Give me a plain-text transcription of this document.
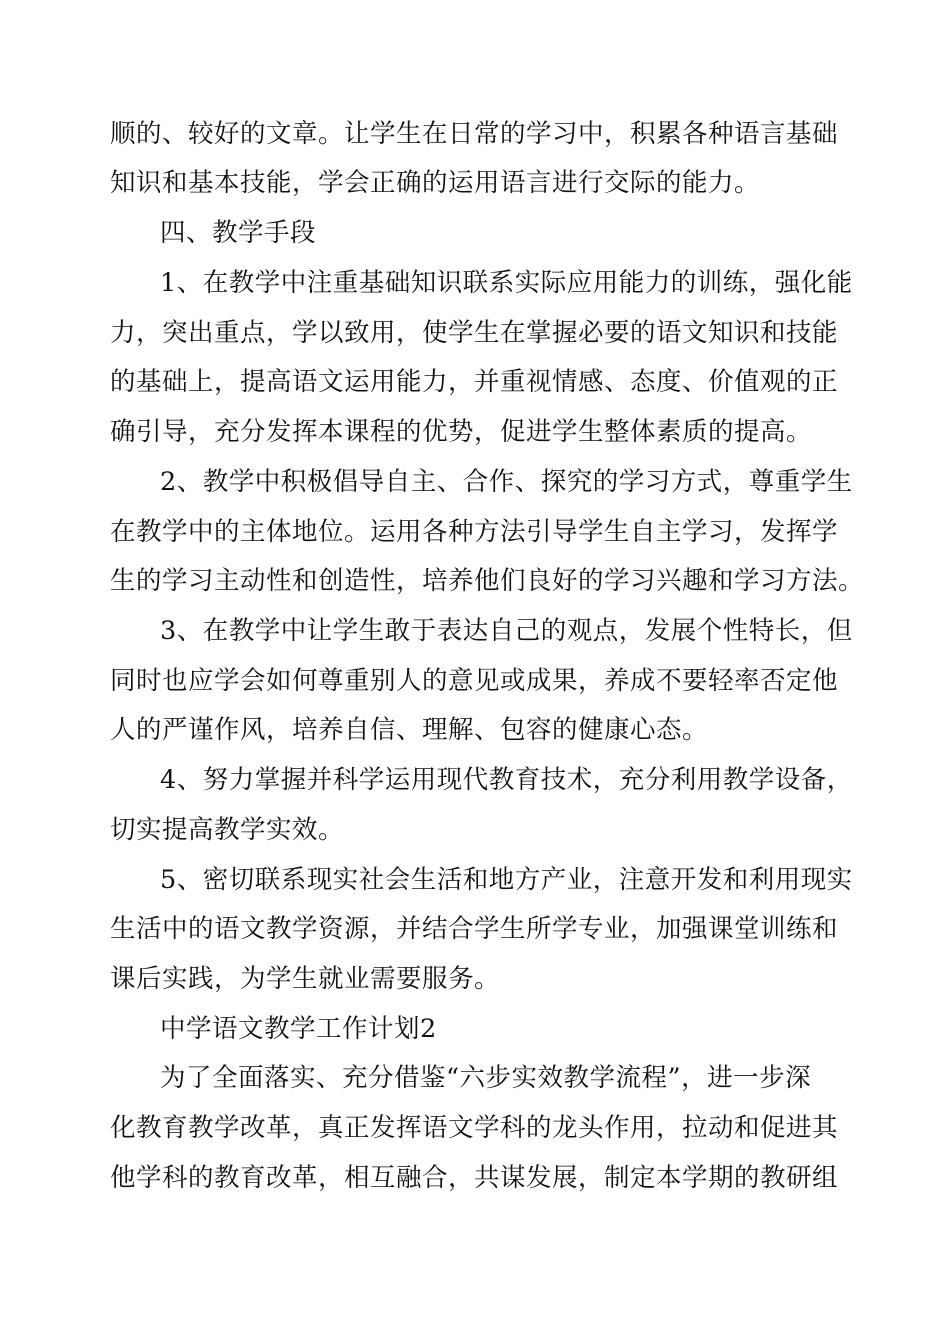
顺的、较好的文章。让学生在日常的学习中，积累各种语言基础
知识和基本技能，学会正确的运用语言进行交际的能力。
四、教学手段
1、在教学中注重基础知识联系实际应用能力的训练，强化能
力，突出重点，学以致用，使学生在掌握必要的语文知识和技能
的基础上，提高语文运用能力，并重视情感、态度、价值观的正
确引导，充分发挥本课程的优势，促进学生整体素质的提高。
2、教学中积极倡导自主、合作、探究的学习方式，尊重学生
在教学中的主体地位。运用各种方法引导学生自主学习，发挥学
生的学习主动性和创造性，培养他们良好的学习兴趣和学习方法。
3、在教学中让学生敢于表达自己的观点，发展个性特长，但
同时也应学会如何尊重别人的意见或成果，养成不要轻率否定他
人的严谨作风，培养自信、理解、包容的健康心态。
4、努力掌握并科学运用现代教育技术，充分利用教学设备，
切实提高教学实效。
5、密切联系现实社会生活和地方产业，注意开发和利用现实
生活中的语文教学资源，并结合学生所学专业，加强课堂训练和
课后实践，为学生就业需要服务。
中学语文教学工作计划2
为了全面落实、充分借鉴“六步实效教学流程”，进一步深
化教育教学改革，真正发挥语文学科的龙头作用，拉动和促进其
他学科的教育改革，相互融合，共谋发展，制定本学期的教研组
